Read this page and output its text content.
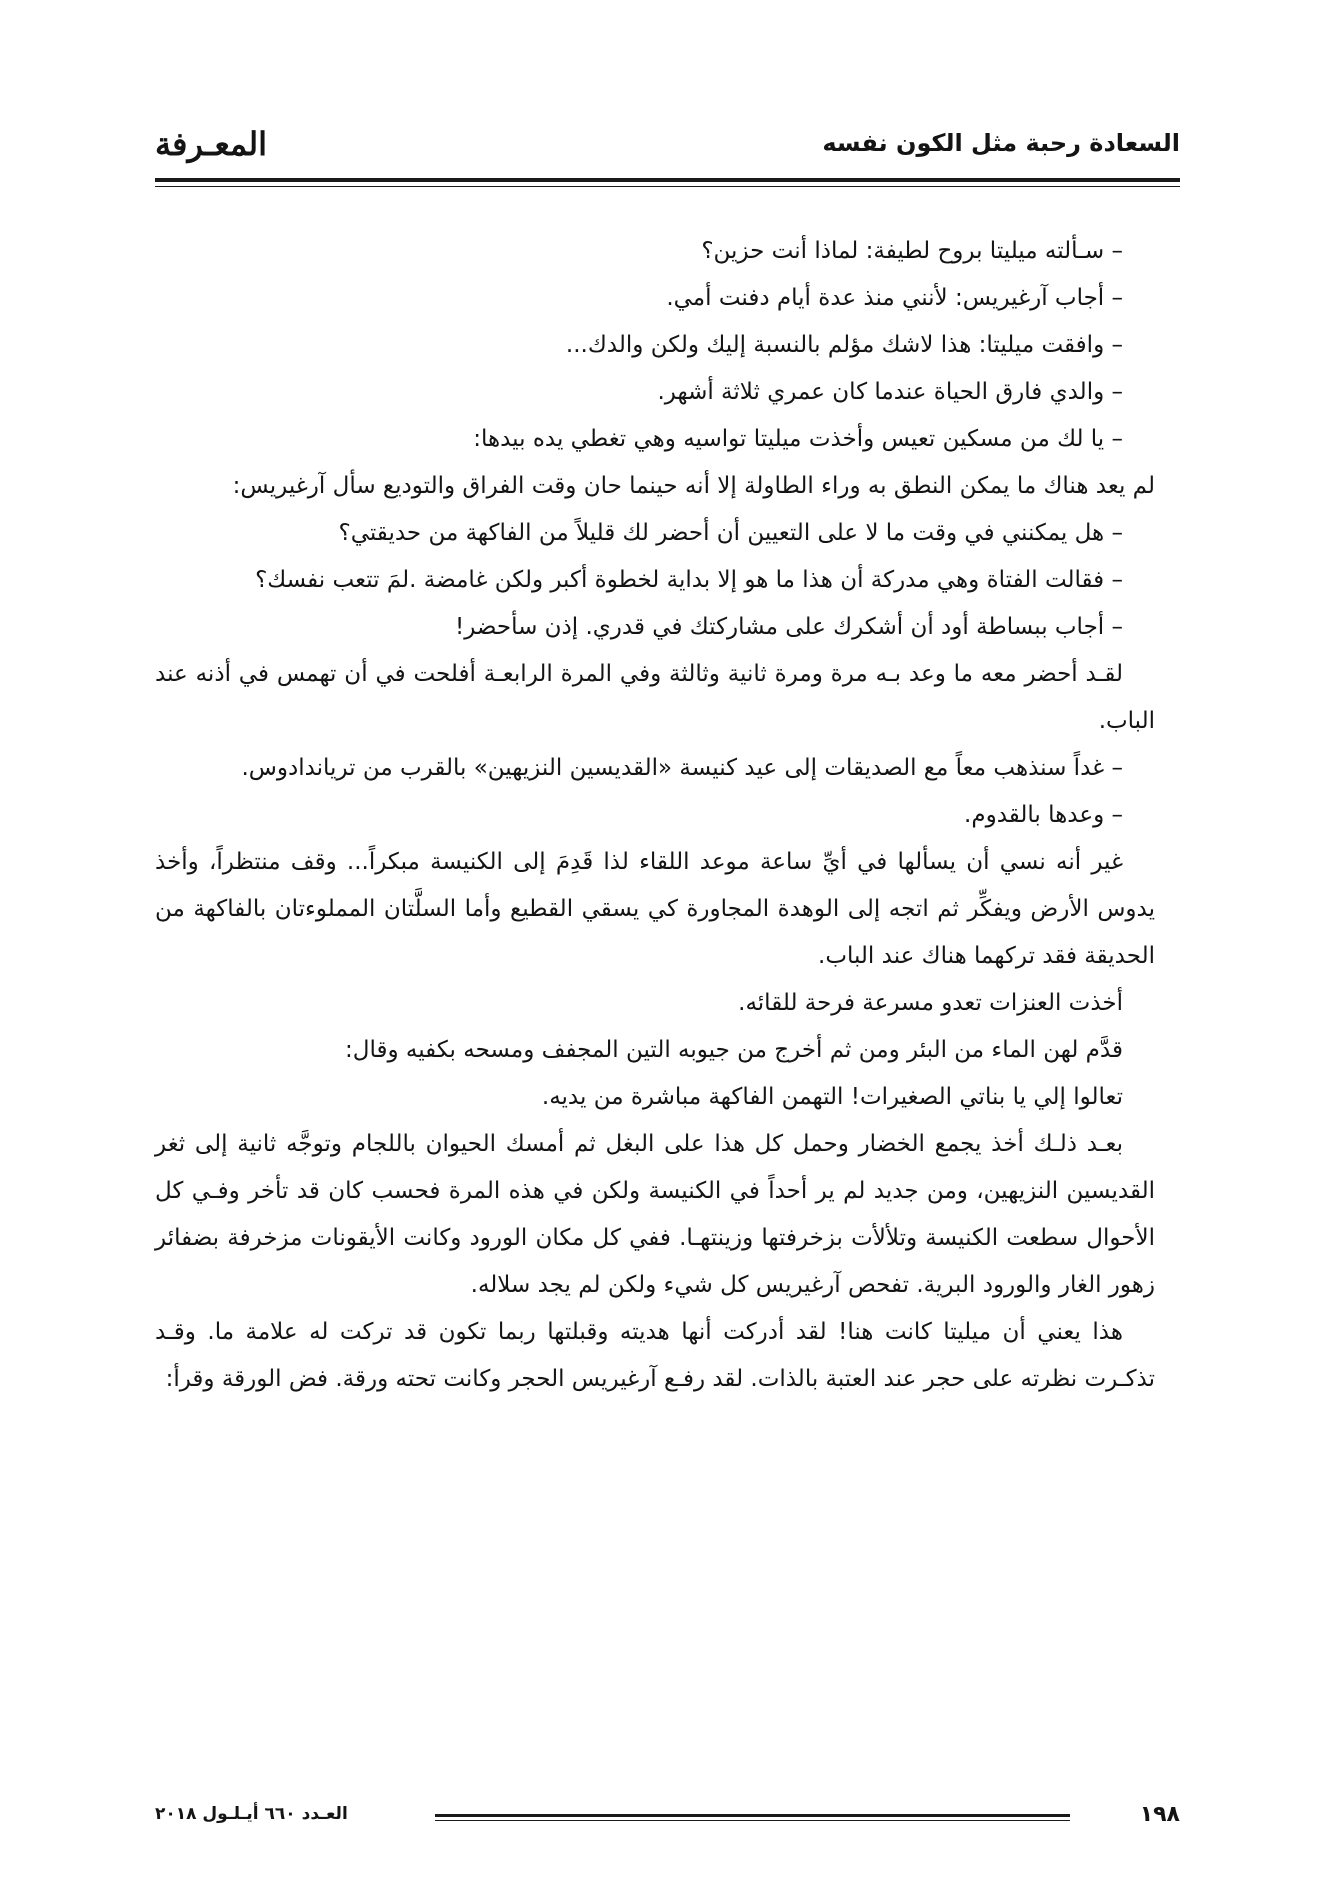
السعادة رحبة مثل الكون نفسه
المعـرفة

– سـألته ميليتا بروح لطيفة: لماذا أنت حزين؟

– أجاب آرغيريس: لأنني منذ عدة أيام دفنت أمي.

– وافقت ميليتا: هذا لاشك مؤلم بالنسبة إليك ولكن والدك...

– والدي فارق الحياة عندما كان عمري ثلاثة أشهر.

– يا لك من مسكين تعيس وأخذت ميليتا تواسيه وهي تغطي يده بيدها:

لم يعد هناك ما يمكن النطق به وراء الطاولة إلا أنه حينما حان وقت الفراق والتوديع سأل آرغيريس:

– هل يمكنني في وقت ما لا على التعيين أن أحضر لك قليلاً من الفاكهة من حديقتي؟

– فقالت الفتاة وهي مدركة أن هذا ما هو إلا بداية لخطوة أكبر ولكن غامضة .لمَ تتعب نفسك؟

– أجاب ببساطة أود أن أشكرك على مشاركتك في قدري. إذن سأحضر!

لقـد أحضر معه ما وعد بـه مرة ومرة ثانية وثالثة وفي المرة الرابعـة أفلحت في أن تهمس في أذنه عند الباب.

– غداً سنذهب معاً مع الصديقات إلى عيد كنيسة «القديسين النزيهين» بالقرب من ترياندادوس.

– وعدها بالقدوم.

غير أنه نسي أن يسألها في أيِّ ساعة موعد اللقاء لذا قَدِمَ إلى الكنيسة مبكراً... وقف منتظراً، وأخذ يدوس الأرض ويفكِّر ثم اتجه إلى الوهدة المجاورة كي يسقي القطيع وأما السلَّتان المملوءتان بالفاكهة من الحديقة فقد تركهما هناك عند الباب.

أخذت العنزات تعدو مسرعة فرحة للقائه.

قدَّم لهن الماء من البئر ومن ثم أخرج من جيوبه التين المجفف ومسحه بكفيه وقال:

تعالوا إلي يا بناتي الصغيرات! التهمن الفاكهة مباشرة من يديه.

بعـد ذلـك أخذ يجمع الخضار وحمل كل هذا على البغل ثم أمسك الحيوان باللجام وتوجَّه ثانية إلى ثغر القديسين النزيهين، ومن جديد لم ير أحداً في الكنيسة ولكن في هذه المرة فحسب كان قد تأخر وفـي كل الأحوال سطعت الكنيسة وتلألأت بزخرفتها وزينتهـا. ففي كل مكان الورود وكانت الأيقونات مزخرفة بضفائر زهور الغار والورود البرية. تفحص آرغيريس كل شيء ولكن لم يجد سلاله.

هذا يعني أن ميليتا كانت هنا! لقد أدركت أنها هديته وقبلتها ربما تكون قد تركت له علامة ما. وقـد تذكـرت نظرته على حجر عند العتبة بالذات. لقد رفـع آرغيريس الحجر وكانت تحته ورقة. فض الورقة وقرأ:

١٩٨
العـدد ٦٦٠ أيـلـول ٢٠١٨
